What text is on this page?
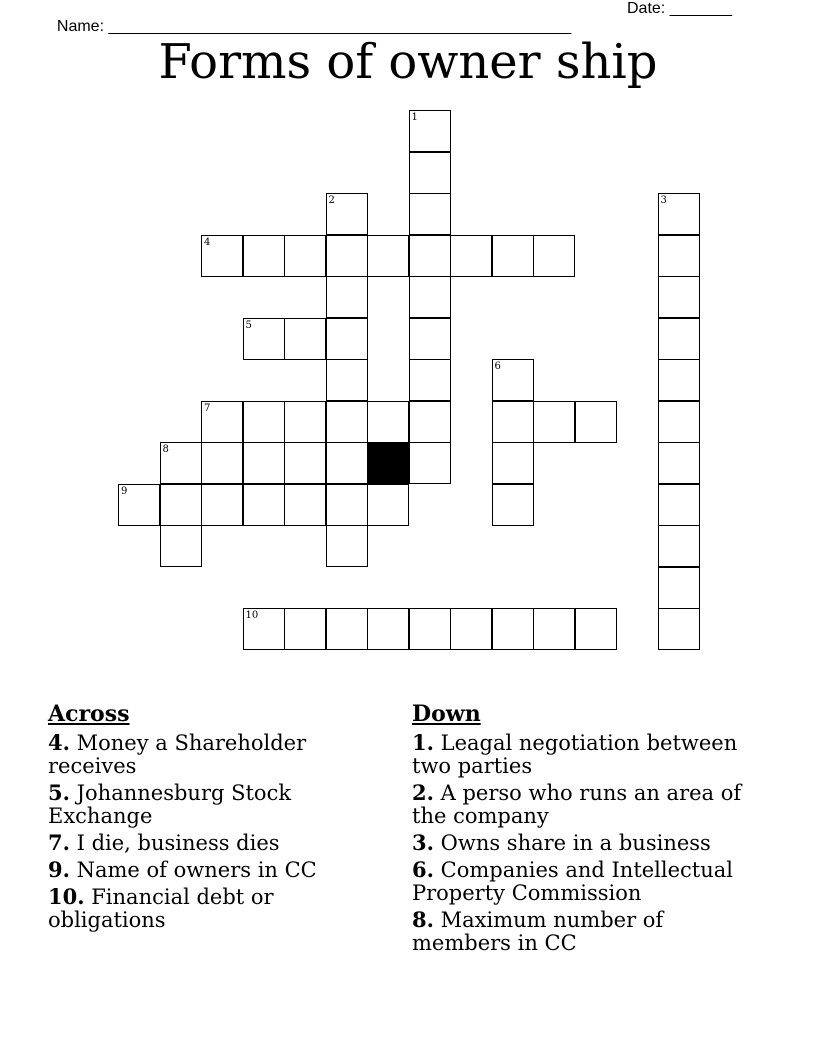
Name: ____________________________________________________

Date: _______

Forms of owner ship
1
2	3
4
5
6
7
8
9
10
Across
4. Money a Shareholder receives
5. Johannesburg Stock Exchange
7. I die, business dies
9. Name of owners in CC
10. Financial debt or obligations
Down
1. Leagal negotiation between two parties
2. A perso who runs an area of the company
3. Owns share in a business
6. Companies and Intellectual Property Commission
8. Maximum number of members in CC
